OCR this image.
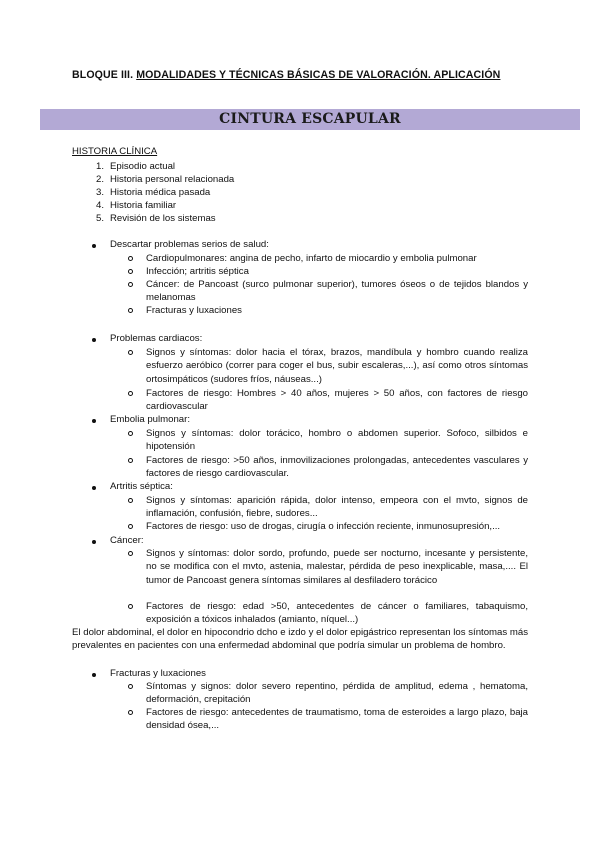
BLOQUE III. MODALIDADES Y TÉCNICAS BÁSICAS DE VALORACIÓN. APLICACIÓN
CINTURA ESCAPULAR
HISTORIA CLÍNICA
1. Episodio actual
2. Historia personal relacionada
3. Historia médica pasada
4. Historia familiar
5. Revisión de los sistemas
Descartar problemas serios de salud:
Cardiopulmonares: angina de pecho, infarto de miocardio y embolia pulmonar
Infección; artritis séptica
Cáncer: de Pancoast (surco pulmonar superior), tumores óseos o de tejidos blandos y melanomas
Fracturas y luxaciones
Problemas cardiacos:
Signos y síntomas: dolor hacia el tórax, brazos, mandíbula y hombro cuando realiza esfuerzo aeróbico (correr para coger el bus, subir escaleras,...), así como otros síntomas ortosimpáticos (sudores fríos, náuseas...)
Factores de riesgo: Hombres > 40 años, mujeres > 50 años, con factores de riesgo cardiovascular
Embolia pulmonar:
Signos y síntomas: dolor torácico, hombro o abdomen superior. Sofoco, silbidos e hipotensión
Factores de riesgo: >50 años, inmovilizaciones prolongadas, antecedentes vasculares y factores de riesgo cardiovascular.
Artritis séptica:
Signos y síntomas: aparición rápida, dolor intenso, empeora con el mvto, signos de inflamación, confusión, fiebre, sudores...
Factores de riesgo: uso de drogas, cirugía o infección reciente, inmunosupresión,...
Cáncer:
Signos y síntomas: dolor sordo, profundo, puede ser nocturno, incesante y persistente, no se modifica con el mvto, astenia, malestar, pérdida de peso inexplicable, masa,.... El tumor de Pancoast genera síntomas similares al desfiladero torácico
Factores de riesgo: edad >50, antecedentes de cáncer o familiares, tabaquismo, exposición a tóxicos inhalados (amianto, níquel...)
El dolor abdominal, el dolor en hipocondrio dcho e izdo y el dolor epigástrico representan los síntomas más prevalentes en pacientes con una enfermedad abdominal que podría simular un problema de hombro.
Fracturas y luxaciones
Síntomas y signos: dolor severo repentino, pérdida de amplitud, edema , hematoma, deformación, crepitación
Factores de riesgo: antecedentes de traumatismo, toma de esteroides a largo plazo, baja densidad ósea,...
